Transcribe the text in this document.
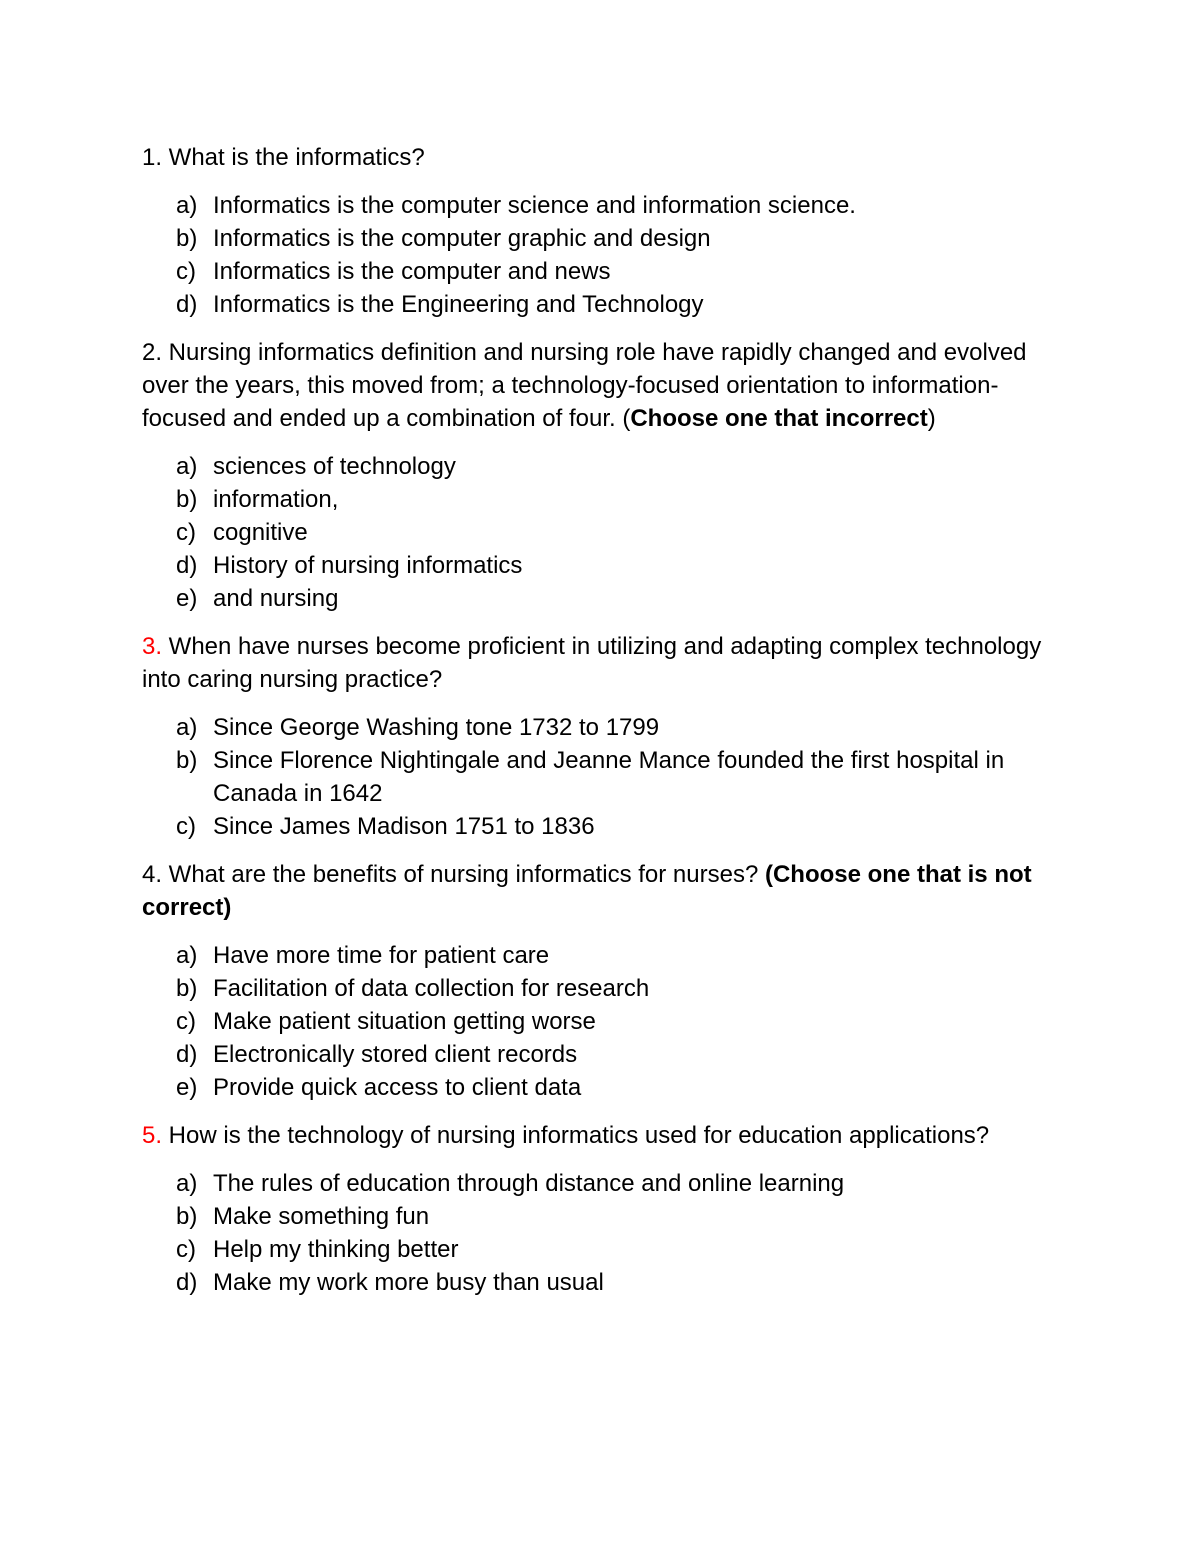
1. What is the informatics?

a) Informatics is the computer science and information science.
b) Informatics is the computer graphic and design
c) Informatics is the computer and news
d) Informatics is the Engineering and Technology

2. Nursing informatics definition and nursing role have rapidly changed and evolved over the years, this moved from; a technology-focused orientation to information-focused and ended up a combination of four. (Choose one that incorrect)

a) sciences of technology
b) information,
c) cognitive
d) History of nursing informatics
e) and nursing

3. When have nurses become proficient in utilizing and adapting complex technology into caring nursing practice?

a) Since George Washing tone 1732 to 1799
b) Since Florence Nightingale and Jeanne Mance founded the first hospital in Canada in 1642
c) Since James Madison 1751 to 1836

4. What are the benefits of nursing informatics for nurses? (Choose one that is not correct)

a) Have more time for patient care
b) Facilitation of data collection for research
c) Make patient situation getting worse
d) Electronically stored client records
e) Provide quick access to client data

5. How is the technology of nursing informatics used for education applications?

a) The rules of education through distance and online learning
b) Make something fun
c) Help my thinking better
d) Make my work more busy than usual
